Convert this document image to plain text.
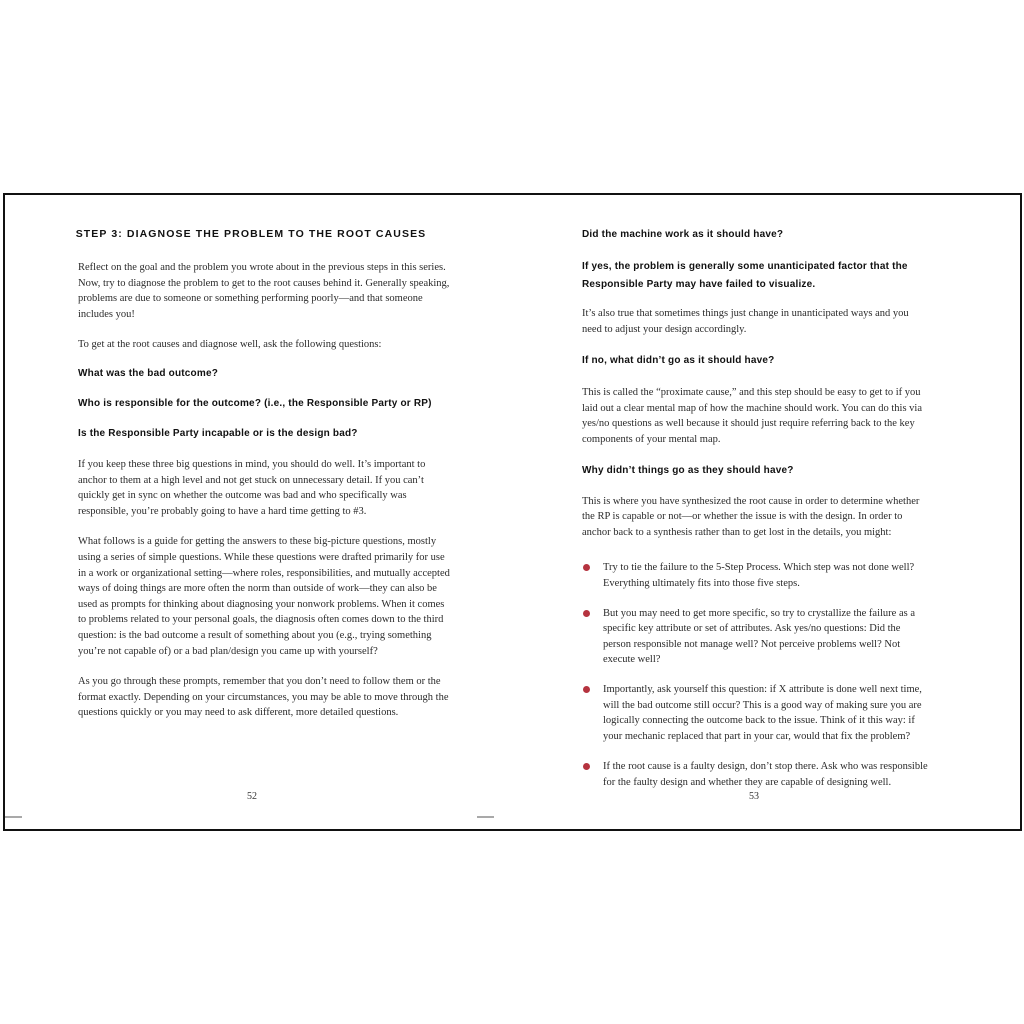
STEP 3: DIAGNOSE THE PROBLEM TO THE ROOT CAUSES

Reflect on the goal and the problem you wrote about in the previous steps in this series. Now, try to diagnose the problem to get to the root causes behind it. Generally speaking, problems are due to someone or something performing poorly—and that someone includes you!

To get at the root causes and diagnose well, ask the following questions:

What was the bad outcome?

Who is responsible for the outcome? (i.e., the Responsible Party or RP)

Is the Responsible Party incapable or is the design bad?

If you keep these three big questions in mind, you should do well. It’s important to anchor to them at a high level and not get stuck on unnecessary detail. If you can’t quickly get in sync on whether the outcome was bad and who specifically was responsible, you’re probably going to have a hard time getting to #3.

What follows is a guide for getting the answers to these big-picture questions, mostly using a series of simple questions. While these questions were drafted primarily for use in a work or organizational setting—where roles, responsibilities, and mutually accepted ways of doing things are more often the norm than outside of work—they can also be used as prompts for thinking about diagnosing your nonwork problems. When it comes to problems related to your personal goals, the diagnosis often comes down to the third question: is the bad outcome a result of something about you (e.g., trying something you’re not capable of) or a bad plan/design you came up with yourself?

As you go through these prompts, remember that you don’t need to follow them or the format exactly. Depending on your circumstances, you may be able to move through the questions quickly or you may need to ask different, more detailed questions.

Did the machine work as it should have?

If yes, the problem is generally some unanticipated factor that the Responsible Party may have failed to visualize.

It’s also true that sometimes things just change in unanticipated ways and you need to adjust your design accordingly.

If no, what didn’t go as it should have?

This is called the “proximate cause,” and this step should be easy to get to if you laid out a clear mental map of how the machine should work. You can do this via yes/no questions as well because it should just require referring back to the key components of your mental map.

Why didn’t things go as they should have?

This is where you have synthesized the root cause in order to determine whether the RP is capable or not—or whether the issue is with the design. In order to anchor back to a synthesis rather than to get lost in the details, you might:

Try to tie the failure to the 5-Step Process. Which step was not done well? Everything ultimately fits into those five steps.
But you may need to get more specific, so try to crystallize the failure as a specific key attribute or set of attributes. Ask yes/no questions: Did the person responsible not manage well? Not perceive problems well? Not execute well?
Importantly, ask yourself this question: if X attribute is done well next time, will the bad outcome still occur? This is a good way of making sure you are logically connecting the outcome back to the issue. Think of it this way: if your mechanic replaced that part in your car, would that fix the problem?
If the root cause is a faulty design, don’t stop there. Ask who was responsible for the faulty design and whether they are capable of designing well.
52	53
